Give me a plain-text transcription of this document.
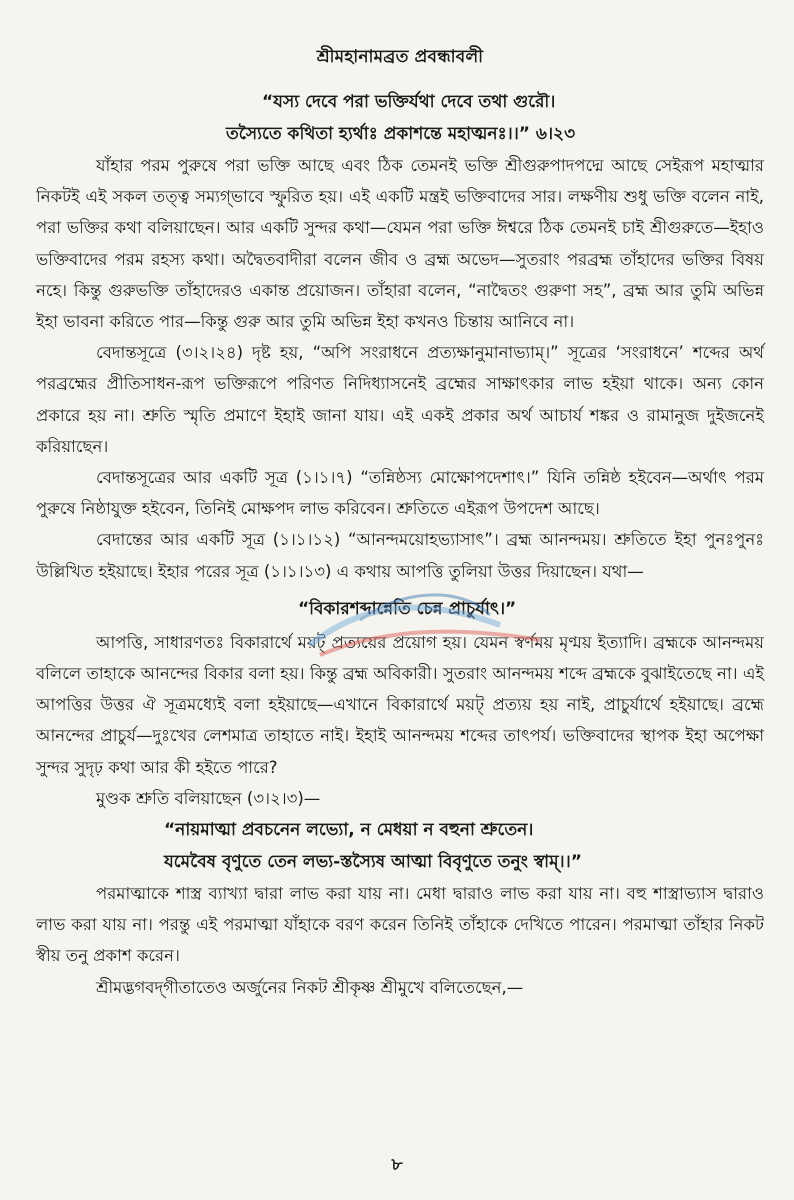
শ্রীমহানামব্রত প্রবন্ধাবলী
“যস্য দেবে পরা ভক্তির্যথা দেবে তথা গুরৌ।
তস্যৈতে কথিতা হ্যর্থাঃ প্রকাশন্তে মহাত্মনঃ।।” ৬।২৩

যাঁহার পরম পুরুষে পরা ভক্তি আছে এবং ঠিক তেমনই ভক্তি শ্রীগুরুপাদপদ্মে আছে সেইরূপ মহাত্মার নিকটই এই সকল তত্ত্ব সম্যগ্‌ভাবে স্ফুরিত হয়। এই একটি মন্ত্রই ভক্তিবাদের সার। লক্ষণীয় শুধু ভক্তি বলেন নাই, পরা ভক্তির কথা বলিয়াছেন। আর একটি সুন্দর কথা—যেমন পরা ভক্তি ঈশ্বরে ঠিক তেমনই চাই শ্রীগুরুতে—ইহাও ভক্তিবাদের পরম রহস্য কথা। অদ্বৈতবাদীরা বলেন জীব ও ব্রহ্ম অভেদ—সুতরাং পরব্রহ্ম তাঁহাদের ভক্তির বিষয় নহে। কিন্তু গুরুভক্তি তাঁহাদেরও একান্ত প্রয়োজন। তাঁহারা বলেন, “নাদ্বৈতং গুরুণা সহ”, ব্রহ্ম আর তুমি অভিন্ন ইহা ভাবনা করিতে পার—কিন্তু গুরু আর তুমি অভিন্ন ইহা কখনও চিন্তায় আনিবে না।

বেদান্তসূত্রে (৩।২।২৪) দৃষ্ট হয়, “অপি সংরাধনে প্রত্যক্ষানুমানাভ্যাম্‌।” সূত্রের ‘সংরাধনে’ শব্দের অর্থ পরব্রহ্মের প্রীতিসাধন-রূপ ভক্তিরূপে পরিণত নিদিধ্যাসনেই ব্রহ্মের সাক্ষাৎকার লাভ হইয়া থাকে। অন্য কোন প্রকারে হয় না। শ্রুতি স্মৃতি প্রমাণে ইহাই জানা যায়। এই একই প্রকার অর্থ আচার্য শঙ্কর ও রামানুজ দুইজনেই করিয়াছেন।

বেদান্তসূত্রের আর একটি সূত্র (১।১।৭) “তন্নিষ্ঠস্য মোক্ষোপদেশাৎ।” যিনি তন্নিষ্ঠ হইবেন—অর্থাৎ পরম পুরুষে নিষ্ঠাযুক্ত হইবেন, তিনিই মোক্ষপদ লাভ করিবেন। শ্রুতিতে এইরূপ উপদেশ আছে।

বেদান্তের আর একটি সূত্র (১।১।১২) “আনন্দময়োহভ্যাসাৎ”। ব্রহ্ম আনন্দময়। শ্রুতিতে ইহা পুনঃপুনঃ উল্লিখিত হইয়াছে। ইহার পরের সূত্র (১।১।১৩) এ কথায় আপত্তি তুলিয়া উত্তর দিয়াছেন। যথা—

“বিকারশব্দান্নেতি চেন্ন প্রাচুর্যাৎ।”

আপত্তি, সাধারণতঃ বিকারার্থে ময়ট্‌ প্রত্যয়ের প্রয়োগ হয়। যেমন স্বর্ণময় মৃণ্ময় ইত্যাদি। ব্রহ্মকে আনন্দময় বলিলে তাহাকে আনন্দের বিকার বলা হয়। কিন্তু ব্রহ্ম অবিকারী। সুতরাং আনন্দময় শব্দে ব্রহ্মকে বুঝাইতেছে না। এই আপত্তির উত্তর ঐ সূত্রমধ্যেই বলা হইয়াছে—এখানে বিকারার্থে ময়ট্‌ প্রত্যয় হয় নাই, প্রাচুর্যার্থে হইয়াছে। ব্রহ্মে আনন্দের প্রাচুর্য—দুঃখের লেশমাত্র তাহাতে নাই। ইহাই আনন্দময় শব্দের তাৎপর্য। ভক্তিবাদের স্থাপক ইহা অপেক্ষা সুন্দর সুদৃঢ় কথা আর কী হইতে পারে?

মুণ্ডক শ্রুতি বলিয়াছেন (৩।২।৩)—
“নায়মাত্মা প্রবচনেন লভ্যো, ন মেধয়া ন বহুনা শ্রুতেন।
যমেবৈষ বৃণুতে তেন লভ্য-স্তস্যৈষ আত্মা বিবৃণুতে তনুং স্বাম্‌।।”

পরমাত্মাকে শাস্ত্র ব্যাখ্যা দ্বারা লাভ করা যায় না। মেধা দ্বারাও লাভ করা যায় না। বহু শাস্ত্রাভ্যাস দ্বারাও লাভ করা যায় না। পরন্তু এই পরমাত্মা যাঁহাকে বরণ করেন তিনিই তাঁহাকে দেখিতে পারেন। পরমাত্মা তাঁহার নিকট স্বীয় তনু প্রকাশ করেন।

শ্রীমদ্ভগবদ্‌গীতাতেও অর্জুনের নিকট শ্রীকৃষ্ণ শ্রীমুখে বলিতেছেন,—

৮
